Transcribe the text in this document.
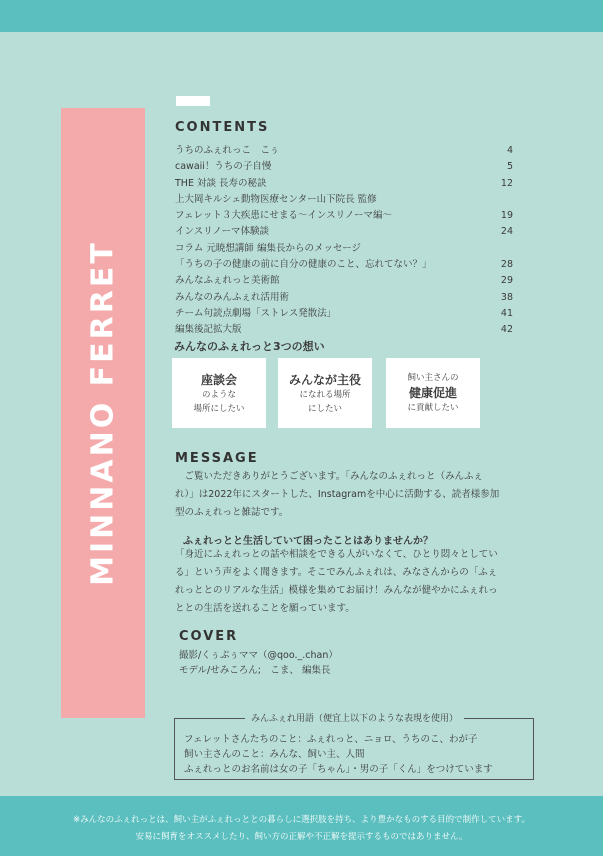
MINNANO FERRET
CONTENTS
うちのふぇれっこ　こぅ	4
cawaii！うちの子自慢	5
THE 対談 長寿の秘訣	12
上大岡キルシェ動物医療センター山下院長 監修
フェレット３大疾患にせまる〜インスリノーマ編〜	19
インスリノーマ体験談	24
コラム 元暁想講師 編集長からのメッセージ
「うちの子の健康の前に自分の健康のこと、忘れてない？」	28
みんなふぇれっと美術館	29
みんなのみんふぇれ活用術	38
チーム句読点劇場「ストレス発散法」	41
編集後記拡大版	42
みんなのふぇれっと3つの想い
座談会
のような
場所にしたい
みんなが主役
になれる場所
にしたい
飼い主さんの
健康促進
に貢献したい
MESSAGE
　ご覧いただきありがとうございます。「みんなのふぇれっと（みんふぇ
れ）」は2022年にスタートした、Instagramを中心に活動する、読者様参加
型のふぇれっと雑誌です。
ふぇれっとと生活していて困ったことはありませんか？
「身近にふぇれっとの話や相談をできる人がいなくて、ひとり悶々としてい
る」という声をよく聞きます。そこでみんふぇれは、みなさんからの「ふぇ
れっととのリアルな生活」模様を集めてお届け！みんなが健やかにふぇれっ
ととの生活を送れることを願っています。
COVER
撮影/くぅぷぅママ（@qoo._.chan）
モデル/せみころん;　こま、 編集長
みんふぇれ用語（便宜上以下のような表現を使用）
フェレットさんたちのこと：ふぇれっと、ニョロ、うちのこ、わが子
飼い主さんのこと：みんな、飼い主、人間
ふぇれっとのお名前は女の子「ちゃん」・男の子「くん」をつけています
※みんなのふぇれっとは、飼い主がふぇれっととの暮らしに選択肢を持ち、より豊かなものする目的で制作しています。
安易に飼育をオススメしたり、飼い方の正解や不正解を提示するものではありません。
